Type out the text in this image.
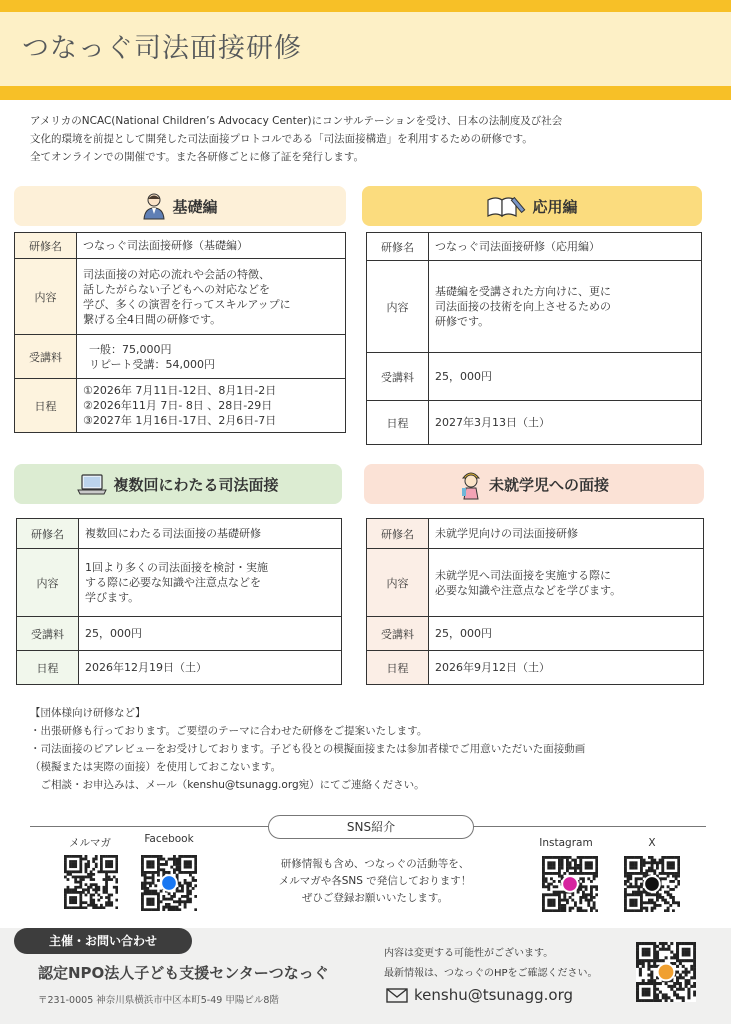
つなっぐ司法面接研修
アメリカのNCAC(National Children’s Advocacy Center)にコンサルテーションを受け、日本の法制度及び社会
文化的環境を前提として開発した司法面接プロトコルである「司法面接構造」を利用するための研修です。
全てオンラインでの開催です。また各研修ごとに修了証を発行します。
基礎編
研修名	つなっぐ司法面接研修（基礎編）

内容	司法面接の対応の流れや会話の特徴、
話したがらない子どもへの対応などを
学び、多くの演習を行ってスキルアップに
繋げる全4日間の研修です。

受講料	一般：75,000円
リピート受講：54,000円

日程	①2026年 7月11日-12日、8月1日-2日
②2026年11月 7日- 8日 、28日-29日
③2027年 1月16日-17日、2月6日-7日
応用編
研修名	つなっぐ司法面接研修（応用編）

内容	基礎編を受講された方向けに、更に
司法面接の技術を向上させるための
研修です。

受講料	25，000円

日程	2027年3月13日（土）
複数回にわたる司法面接
研修名	複数回にわたる司法面接の基礎研修

内容	1回より多くの司法面接を検討・実施
する際に必要な知識や注意点などを
学びます。

受講料	25，000円

日程	2026年12月19日（土）
未就学児への面接
研修名	未就学児向けの司法面接研修

内容	未就学児へ司法面接を実施する際に
必要な知識や注意点などを学びます。

受講料	25，000円

日程	2026年9月12日（土）
【団体様向け研修など】
・出張研修も行っております。ご要望のテーマに合わせた研修をご提案いたします。
・司法面接のピアレビューをお受けしております。子ども役との模擬面接または参加者様でご用意いただいた面接動画
（模擬または実際の面接）を使用しておこないます。
　ご相談・お申込みは、メール（kenshu@tsunagg.org宛）にてご連絡ください。
SNS紹介
メルマガ	Facebook	Instagram	X
研修情報も含め、つなっぐの活動等を、
メルマガや各SNS で発信しております！
ぜひご登録お願いいたします。
主催・お問い合わせ
認定NPO法人子ども支援センターつなっぐ
〒231-0005 神奈川県横浜市中区本町5-49 甲陽ビル8階
内容は変更する可能性がございます。
最新情報は、つなっぐのHPをご確認ください。
kenshu@tsunagg.org
